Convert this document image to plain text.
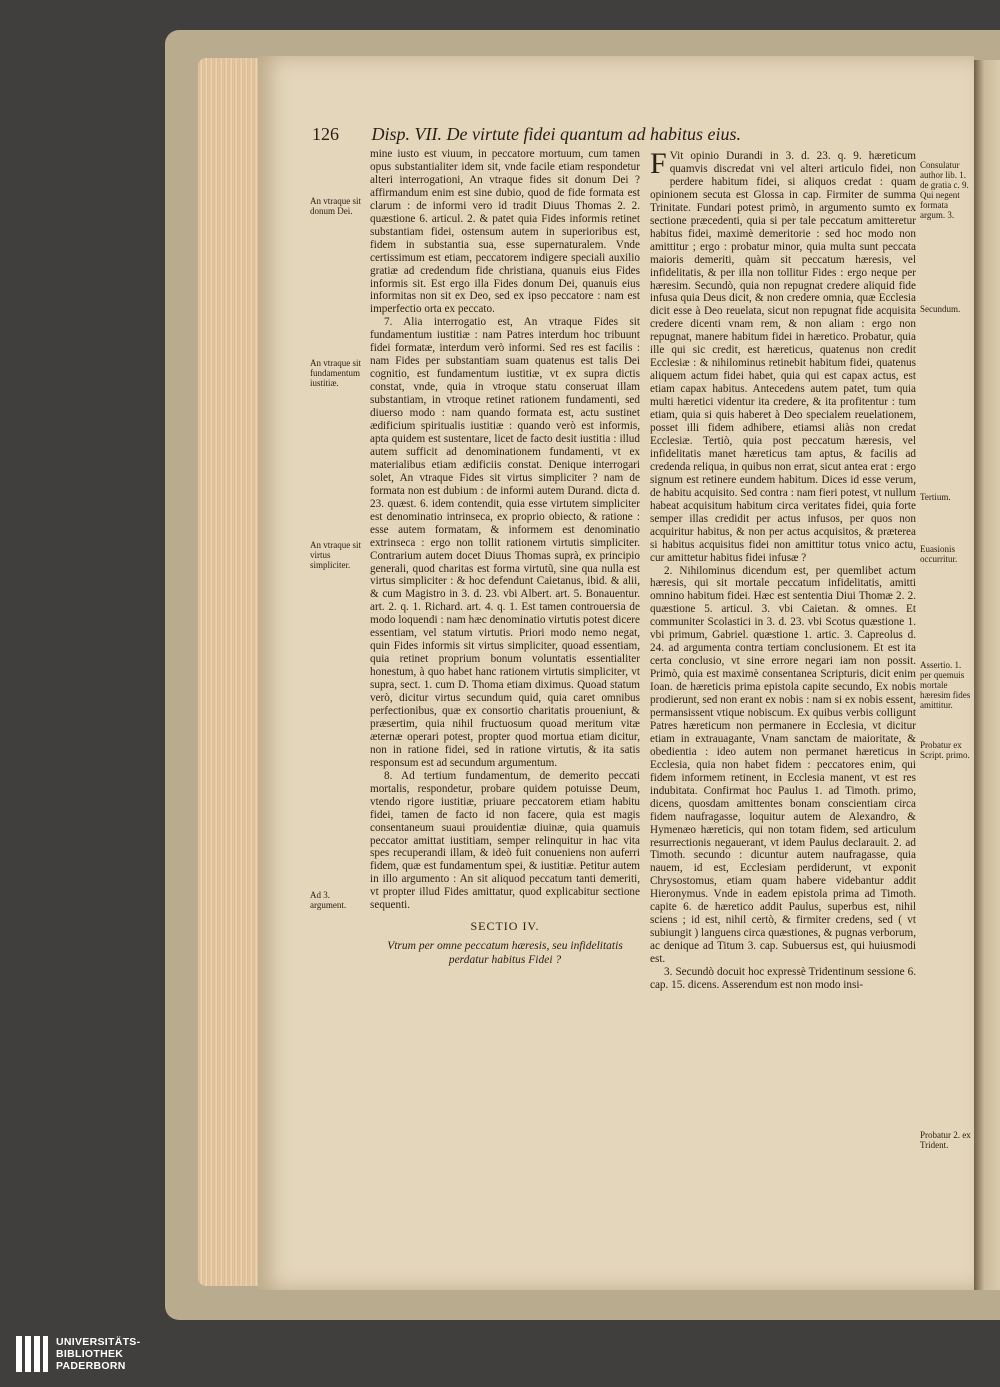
126 Disp. VII. De virtute fidei quantum ad habitus eius.

mine iusto est viuum, in peccatore mortuum, cum tamen opus substantialiter idem sit, vnde facile etiam respondetur alteri interrogationi, An vtraque fides sit donum Dei ? affirmandum enim est sine dubio, quod de fide formata est clarum : de informi vero id tradit Diuus Thomas 2. 2. quæstione 6. articul. 2. & patet quia Fides informis retinet substantiam fidei, ostensum autem in superioribus est, fidem in substantia sua, esse supernaturalem. Vnde certissimum est etiam, peccatorem indigere speciali auxilio gratiæ ad credendum fide christiana, quanuis eius Fides informis sit. Est ergo illa Fides donum Dei, quanuis eius informitas non sit ex Deo, sed ex ipso peccatore : nam est imperfectio orta ex peccato.

7. Alia interrogatio est, An vtraque Fides sit fundamentum iustitiæ : nam Patres interdum hoc tribuunt fidei formatæ, interdum verò informi. Sed res est facilis : nam Fides per substantiam suam quatenus est talis Dei cognitio, est fundamentum iustitiæ, vt ex supra dictis constat, vnde, quia in vtroque statu conseruat illam substantiam, in vtroque retinet rationem fundamenti, sed diuerso modo : nam quando formata est, actu sustinet ædificium spiritualis iustitiæ : quando verò est informis, apta quidem est sustentare, licet de facto desit iustitia : illud autem sufficit ad denominationem fundamenti, vt ex materialibus etiam ædificiis constat. Denique interrogari solet, An vtraque Fides sit virtus simpliciter ? nam de formata non est dubium : de informi autem Durand. dicta d. 23. quæst. 6. idem contendit, quia esse virtutem simpliciter est denominatio intrinseca, ex proprio obiecto, & ratione : esse autem formatam, & informem est denominatio extrinseca : ergo non tollit rationem virtutis simpliciter. Contrarium autem docet Diuus Thomas suprà, ex principio generali, quod charitas est forma virtutũ, sine qua nulla est virtus simpliciter : & hoc defendunt Caietanus, ibid. & alii, & cum Magistro in 3. d. 23. vbi Albert. art. 5. Bonauentur. art. 2. q. 1. Richard. art. 4. q. 1. Est tamen controuersia de modo loquendi : nam hæc denominatio virtutis potest dicere essentiam, vel statum virtutis. Priori modo nemo negat, quin Fides informis sit virtus simpliciter, quoad essentiam, quia retinet proprium bonum voluntatis essentialiter honestum, à quo habet hanc rationem virtutis simpliciter, vt supra, sect. 1. cum D. Thoma etiam diximus. Quoad statum verò, dicitur virtus secundum quid, quia caret omnibus perfectionibus, quæ ex consortio charitatis proueniunt, & præsertim, quia nihil fructuosum quoad meritum vitæ æternæ operari potest, propter quod mortua etiam dicitur, non in ratione fidei, sed in ratione virtutis, & ita satis responsum est ad secundum argumentum.

8. Ad tertium fundamentum, de demerito peccati mortalis, respondetur, probare quidem potuisse Deum, vtendo rigore iustitiæ, priuare peccatorem etiam habitu fidei, tamen de facto id non facere, quia est magis consentaneum suaui prouidentiæ diuinæ, quia quamuis peccator amittat iustitiam, semper relinquitur in hac vita spes recuperandi illam, & ideò fuit conueniens non auferri fidem, quæ est fundamentum spei, & iustitiæ. Petitur autem in illo argumento : An sit aliquod peccatum tanti demeriti, vt propter illud Fides amittatur, quod explicabitur sectione sequenti.

SECTIO IV.
Vtrum per omne peccatum hæresis, seu infidelitatis perdatur habitus Fidei ?
F Vit opinio Durandi in 3. d. 23. q. 9. hæreticum quamvis discredat vni vel alteri articulo fidei, non perdere habitum fidei, si aliquos credat : quam opinionem secuta est Glossa in cap. Firmiter de summa Trinitate. Fundari potest primò, in argumento sumto ex sectione præcedenti, quia si per tale peccatum amitteretur habitus fidei, maximè demeritorie : sed hoc modo non amittitur ; ergo : probatur minor, quia multa sunt peccata maioris demeriti, quàm sit peccatum hæresis, vel infidelitatis, & per illa non tollitur Fides : ergo neque per hæresim. Secundò, quia non repugnat credere aliquid fide infusa quia Deus dicit, & non credere omnia, quæ Ecclesia dicit esse à Deo reuelata, sicut non repugnat fide acquisita credere dicenti vnam rem, & non aliam : ergo non repugnat, manere habitum fidei in hæretico. Probatur, quia ille qui sic credit, est hæreticus, quatenus non credit Ecclesiæ : & nihilominus retinebit habitum fidei, quatenus aliquem actum fidei habet, quia qui est capax actus, est etiam capax habitus. Antecedens autem patet, tum quia multi hæretici videntur ita credere, & ita profitentur : tum etiam, quia si quis haberet à Deo specialem reuelationem, posset illi fidem adhibere, etiamsi aliàs non credat Ecclesiæ. Tertiò, quia post peccatum hæresis, vel infidelitatis manet hæreticus tam aptus, & facilis ad credenda reliqua, in quibus non errat, sicut antea erat : ergo signum est retinere eundem habitum. Dices id esse verum, de habitu acquisito. Sed contra : nam fieri potest, vt nullum habeat acquisitum habitum circa veritates fidei, quia forte semper illas credidit per actus infusos, per quos non acquiritur habitus, & non per actus acquisitos, & præterea si habitus acquisitus fidei non amittitur totus vnico actu, cur amittetur habitus fidei infusæ ?

2. Nihilominus dicendum est, per quemlibet actum hæresis, qui sit mortale peccatum infidelitatis, amitti omnino habitum fidei. Hæc est sententia Diui Thomæ 2. 2. quæstione 5. articul. 3. vbi Caietan. & omnes. Et communiter Scolastici in 3. d. 23. vbi Scotus quæstione 1. vbi primum, Gabriel. quæstione 1. artic. 3. Capreolus d. 24. ad argumenta contra tertiam conclusionem. Et est ita certa conclusio, vt sine errore negari iam non possit. Primò, quia est maximè consentanea Scripturis, dicit enim Ioan. de hæreticis prima epistola capite secundo, Ex nobis prodierunt, sed non erant ex nobis : nam si ex nobis essent, permansissent vtique nobiscum. Ex quibus verbis colligunt Patres hæreticum non permanere in Ecclesia, vt dicitur etiam in extrauagante, Vnam sanctam de maioritate, & obedientia : ideo autem non permanet hæreticus in Ecclesia, quia non habet fidem : peccatores enim, qui fidem informem retinent, in Ecclesia manent, vt est res indubitata. Confirmat hoc Paulus 1. ad Timoth. primo, dicens, quosdam amittentes bonam conscientiam circa fidem naufragasse, loquitur autem de Alexandro, & Hymenæo hæreticis, qui non totam fidem, sed articulum resurrectionis negauerant, vt idem Paulus declarauit. 2. ad Timoth. secundo : dicuntur autem naufragasse, quia nauem, id est, Ecclesiam perdiderunt, vt exponit Chrysostomus, etiam quam habere videbantur addit Hieronymus. Vnde in eadem epistola prima ad Timoth. capite 6. de hæretico addit Paulus, superbus est, nihil sciens ; id est, nihil certò, & firmiter credens, sed ( vt subiungit ) languens circa quæstiones, & pugnas verborum, ac denique ad Titum 3. cap. Subuersus est, qui huiusmodi est.

3. Secundò docuit hoc expressè Tridentinum sessione 6. cap. 15. dicens. Asserendum est non modo insi-

An vtraque sit donum Dei.
An vtraque sit fundamentum iustitiæ.
An vtraque sit virtus simpliciter.
Ad 3. argument.
Consulatur author lib. 1. de gratia c. 9. Qui negent formata argum. 3.
Secundum.
Tertium.
Euasionis occurritur.
Assertio. 1. per quemuis mortale hæresim fides amittitur.
Probatur ex Script. primo.
Probatur 2. ex Trident.
UNIVERSITÄTS-
BIBLIOTHEK
PADERBORN
